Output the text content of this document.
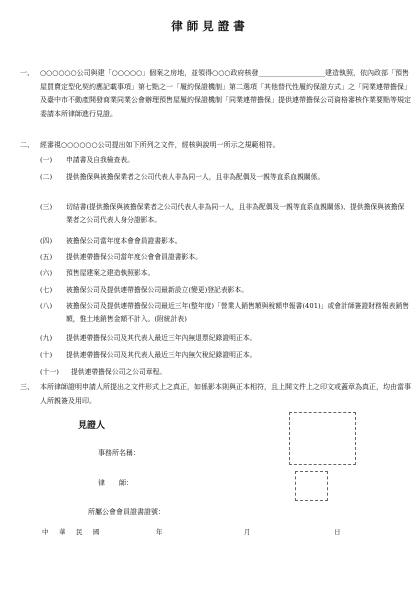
律師見證書
一、 ○○○○○○公司與建「○○○○○」個案之房地，並領得○○○政府核發___________________建造執照，依內政部「預售屋買賣定型化契約應記載事項」第七點之一「履約保證機制」第二選項「其他替代性履約保證方式」之「同業連帶擔保」及臺中市不動產開發商業同業公會辦理預售屋履約保證機制「同業連帶擔保」提供連帶擔保公司資格審核作業要點等規定委請本所律師進行見證。
二、 經審視○○○○○○公司提出如下所列之文件，經核與說明一所示之規範相符。
(一) 申請書及自我檢查表。
(二) 提供擔保與被擔保業者之公司代表人非為同一人，且非為配偶及一親等直系血親關係。
(三) 切結書(提供擔保與被擔保業者之公司代表人非為同一人，且非為配偶及一親等直系血親關係)、提供擔保與被擔保業者之公司代表人身分證影本。
(四) 被擔保公司當年度本會會員證書影本。
(五) 提供連帶擔保公司當年度公會會員證書影本。
(六) 預售屋建案之建造執照影本。
(七) 被擔保公司及提供連帶擔保公司最新設立(變更)登記表影本。
(八) 被擔保公司及提供連帶擔保公司最近三年(整年度)「營業人銷售額與稅額申報書(401)」或會計師簽證財務報表銷售額，惟土地銷售金額不計入。(附統計表)
(九) 提供連帶擔保公司及其代表人最近三年內無退票紀錄證明正本。
(十) 提供連帶擔保公司及其代表人最近三年內無欠稅紀錄證明正本。
(十一) 提供連帶擔保公司之公司章程。
三、 本所律師證明申請人所提出之文件形式上之真正，如係影本則與正本相符，且上開文件上之印文或蓋章為真正，均由當事人所親簽及用印。
見證人
事務所名稱：
律　　師：
所屬公會會員證書證號：
中　華　民　國	年	月	日
